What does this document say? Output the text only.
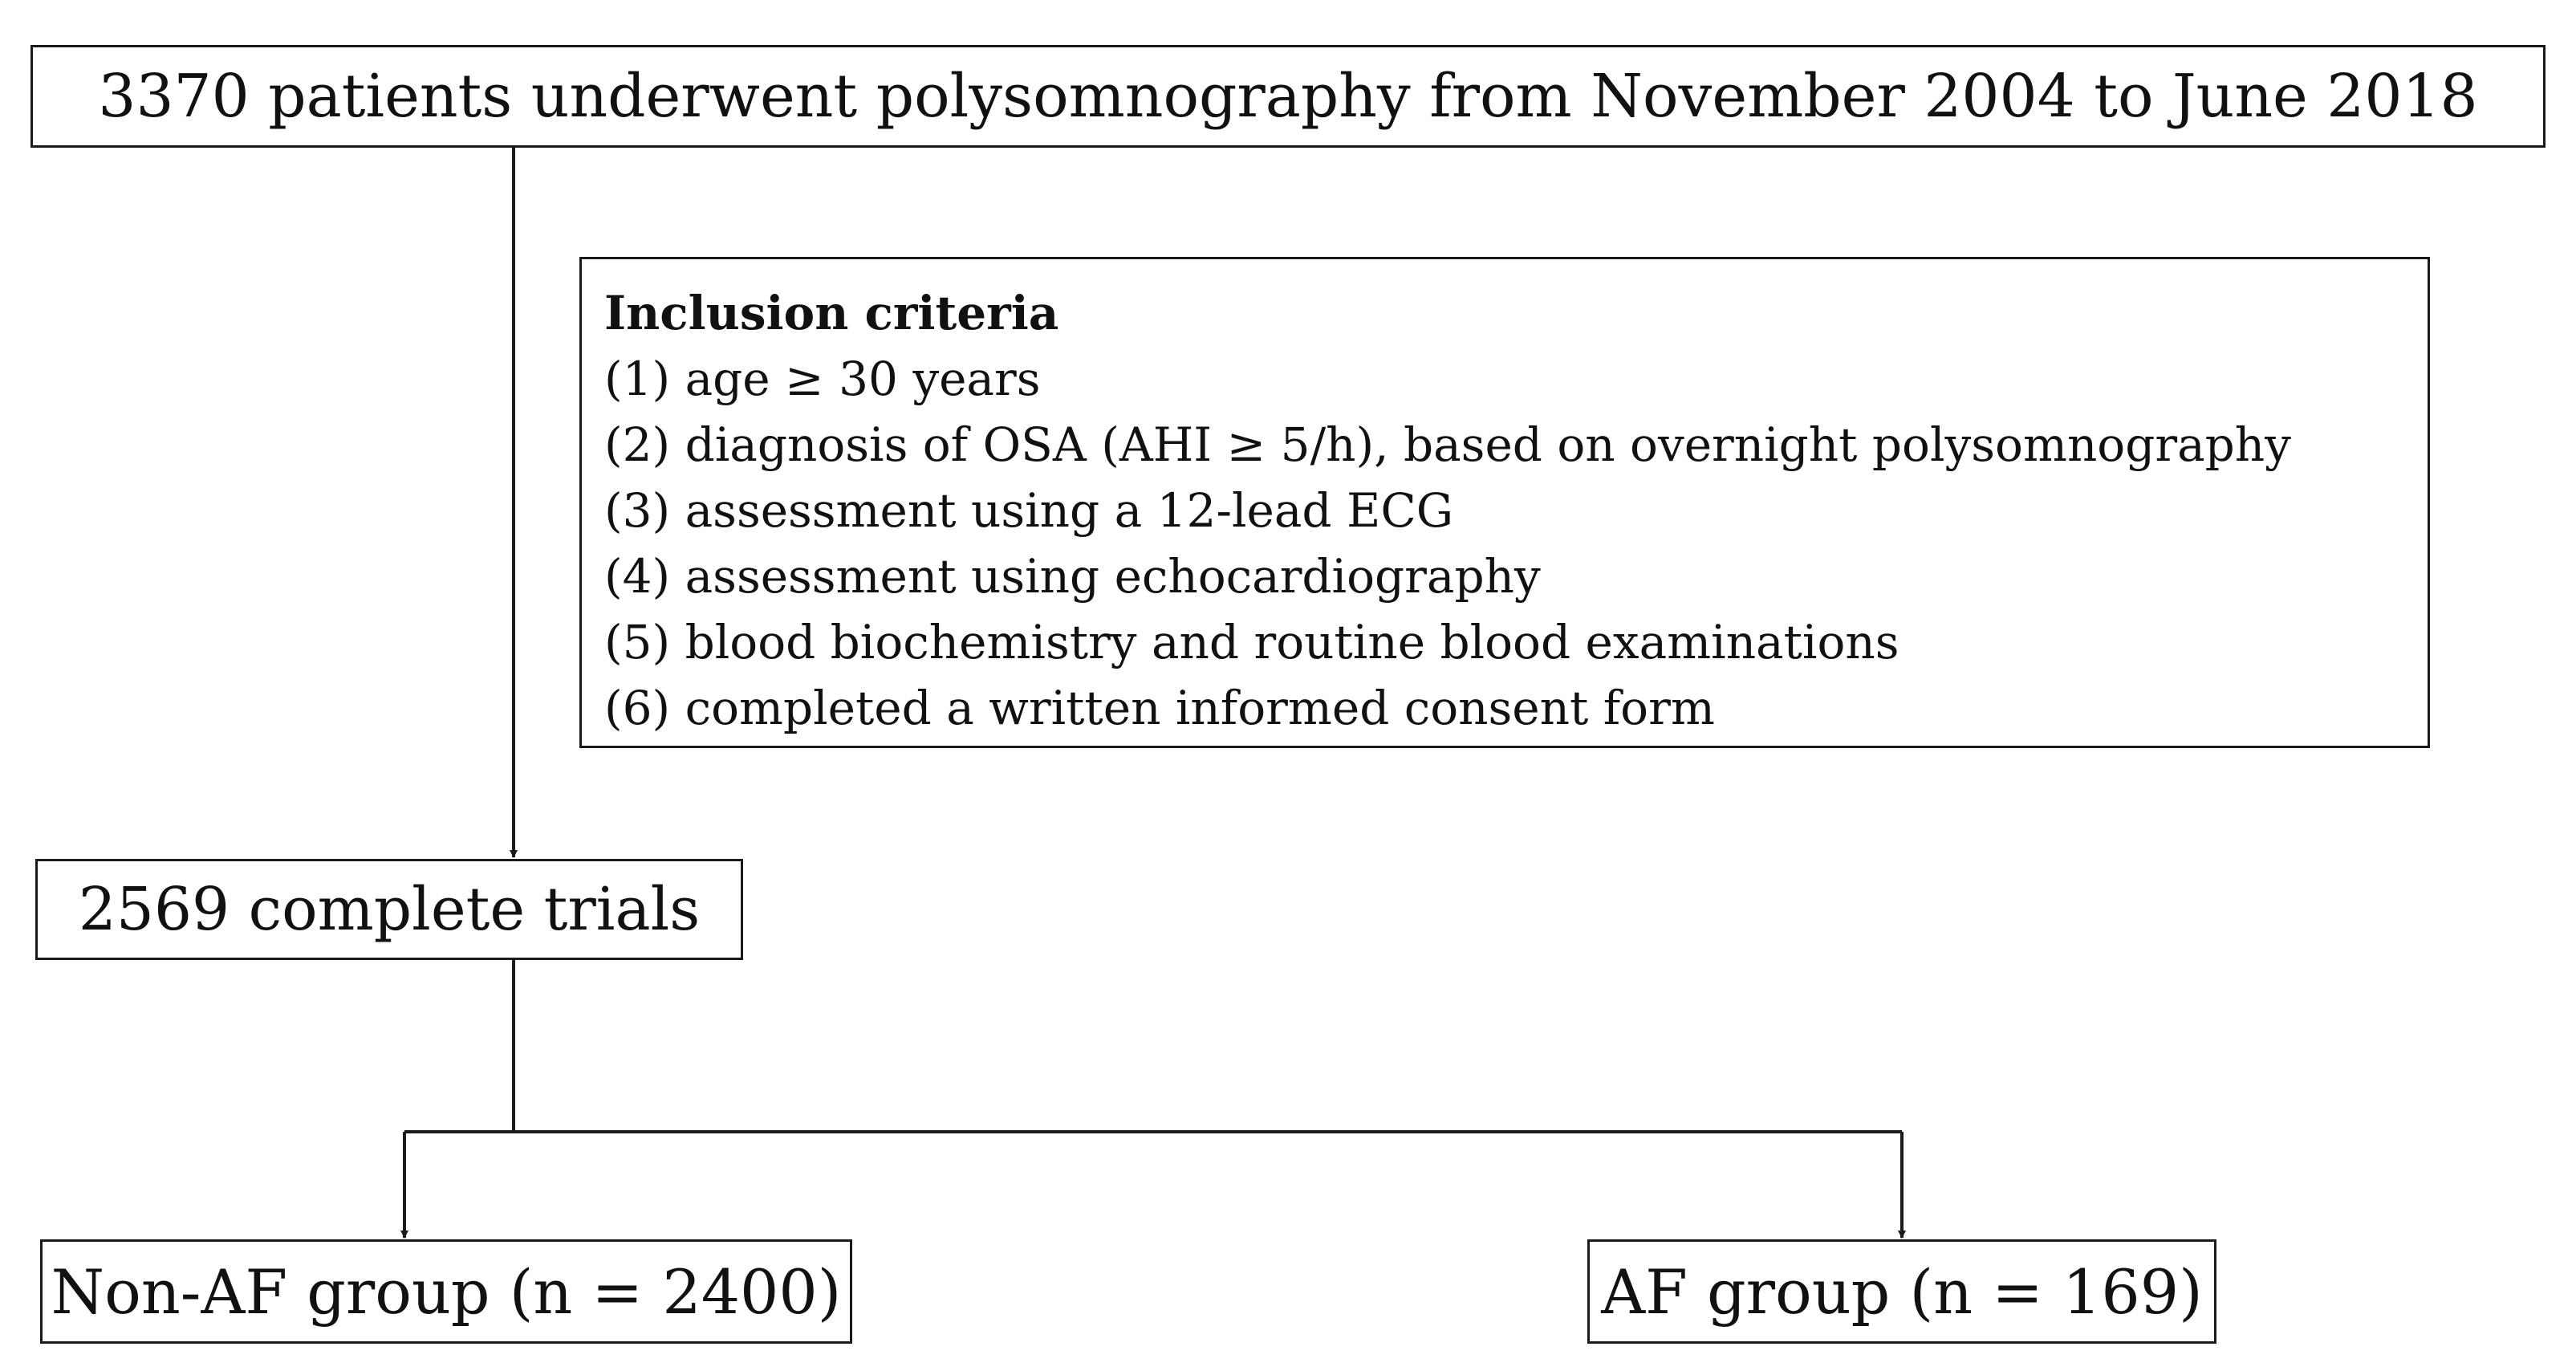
3370 patients underwent polysomnography from November 2004 to June 2018
Inclusion criteria
(1) age ≥ 30 years
(2) diagnosis of OSA (AHI ≥ 5/h), based on overnight polysomnography
(3) assessment using a 12-lead ECG
(4) assessment using echocardiography
(5) blood biochemistry and routine blood examinations
(6) completed a written informed consent form
2569 complete trials
Non-AF group (n = 2400)	AF group (n = 169)
